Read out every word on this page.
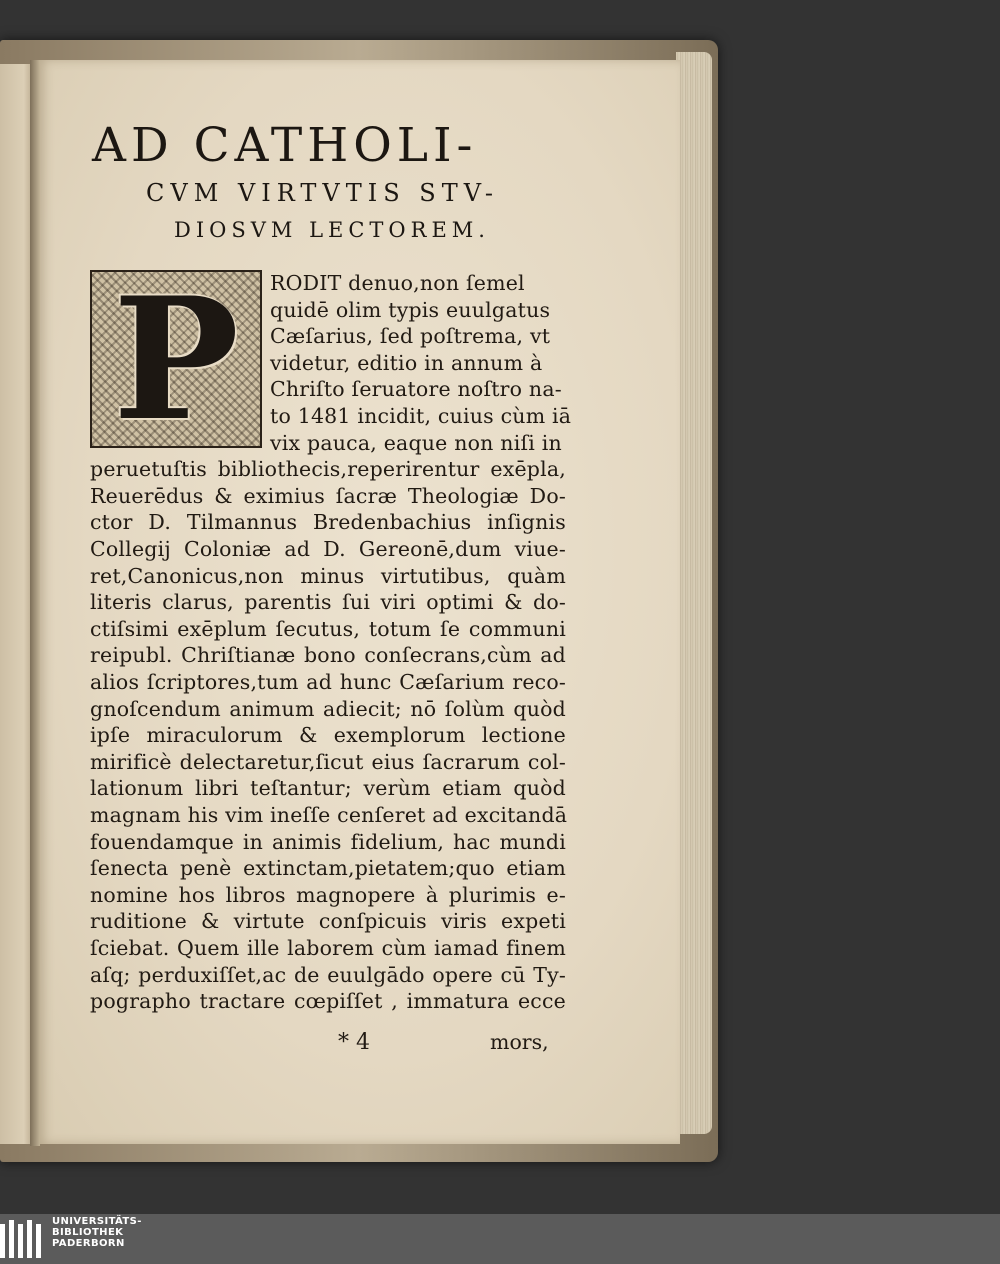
AD CATHOLI-
CVM VIRTVTIS STV-
DIOSVM LECTOREM.
P	RODIT denuo,non ſemel
quidē olim typis euulgatus
Cæſarius, ſed poſtrema, vt
videtur, editio in annum à
Chriſto ſeruatore noſtro na-
to 1481 incidit, cuius cùm iā
vix pauca, eaque non niſi in
peruetuſtis bibliothecis,reperirentur exēpla,
Reuerēdus & eximius ſacræ Theologiæ Do-
ctor D. Tilmannus Bredenbachius inſignis
Collegij Coloniæ ad D. Gereonē,dum viue-
ret,Canonicus,non minus virtutibus, quàm
literis clarus, parentis ſui viri optimi & do-
ctiſsimi exēplum ſecutus, totum ſe communi
reipubl. Chriſtianæ bono conſecrans,cùm ad
alios ſcriptores,tum ad hunc Cæſarium reco-
gnoſcendum animum adiecit; nō ſolùm quòd
ipſe miraculorum & exemplorum lectione
mirificè delectaretur,ſicut eius ſacrarum col-
lationum libri teſtantur; verùm etiam quòd
magnam his vim ineſſe cenſeret ad excitandā
fouendamque in animis fidelium, hac mundi
ſenecta penè extinctam,pietatem;quo etiam
nomine hos libros magnopere à plurimis e-
ruditione & virtute conſpicuis viris expeti
ſciebat. Quem ille laborem cùm iamad finem
aſq; perduxiſſet,ac de euulgādo opere cū Ty-
pographo tractare cœpiſſet , immatura ecce
* 4	mors,
UNIVERSITÄTS-
BIBLIOTHEK
PADERBORN
